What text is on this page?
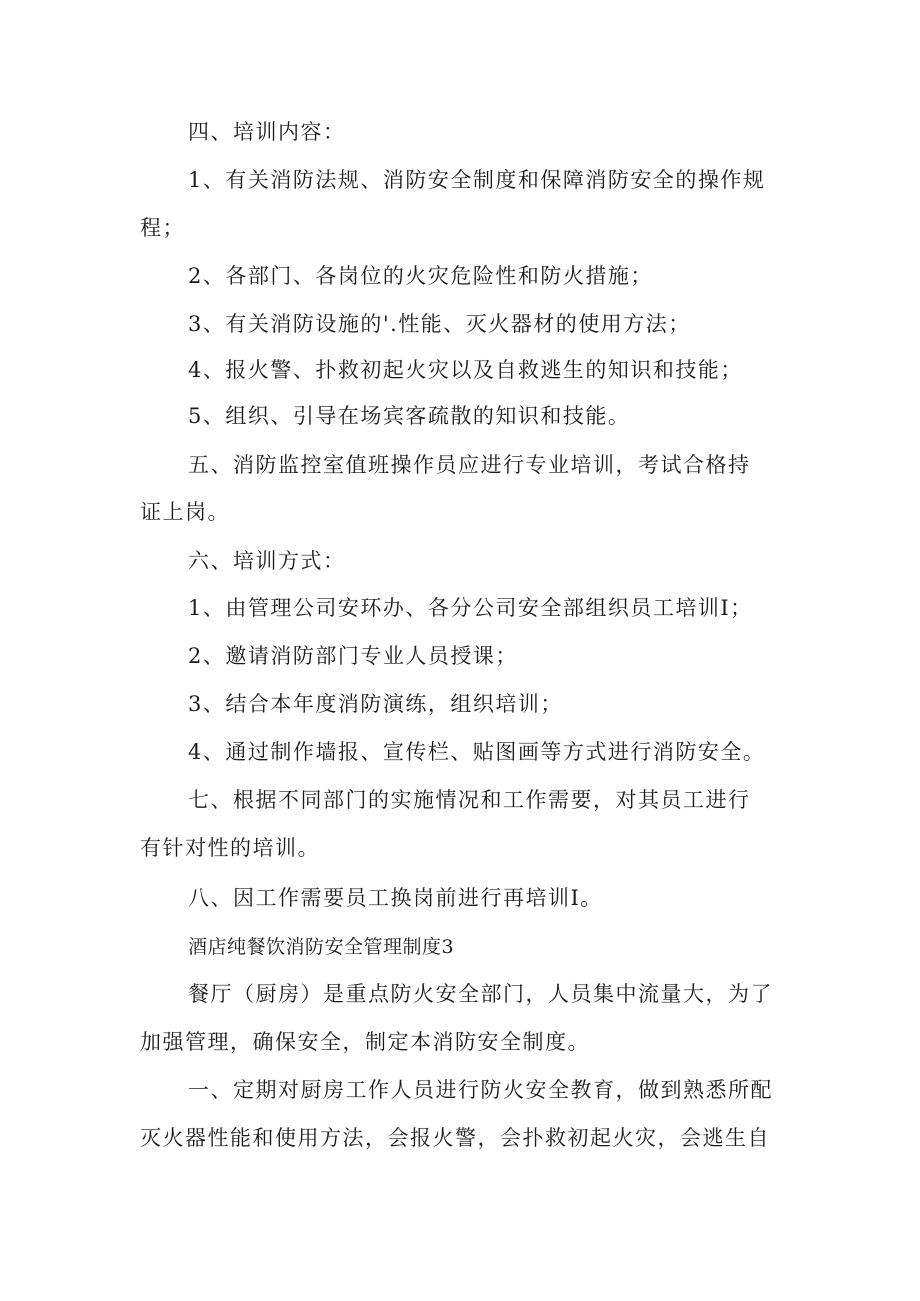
四、培训内容：
1、有关消防法规、消防安全制度和保障消防安全的操作规
程；
2、各部门、各岗位的火灾危险性和防火措施；
3、有关消防设施的'.性能、灭火器材的使用方法；
4、报火警、扑救初起火灾以及自救逃生的知识和技能；
5、组织、引导在场宾客疏散的知识和技能。
五、消防监控室值班操作员应进行专业培训，考试合格持
证上岗。
六、培训方式：
1、由管理公司安环办、各分公司安全部组织员工培训I；
2、邀请消防部门专业人员授课；
3、结合本年度消防演练，组织培训；
4、通过制作墙报、宣传栏、贴图画等方式进行消防安全。
七、根据不同部门的实施情况和工作需要，对其员工进行
有针对性的培训。
八、因工作需要员工换岗前进行再培训I。
酒店纯餐饮消防安全管理制度3
餐厅（厨房）是重点防火安全部门，人员集中流量大，为了
加强管理，确保安全，制定本消防安全制度。
一、定期对厨房工作人员进行防火安全教育，做到熟悉所配
灭火器性能和使用方法，会报火警，会扑救初起火灾，会逃生自
